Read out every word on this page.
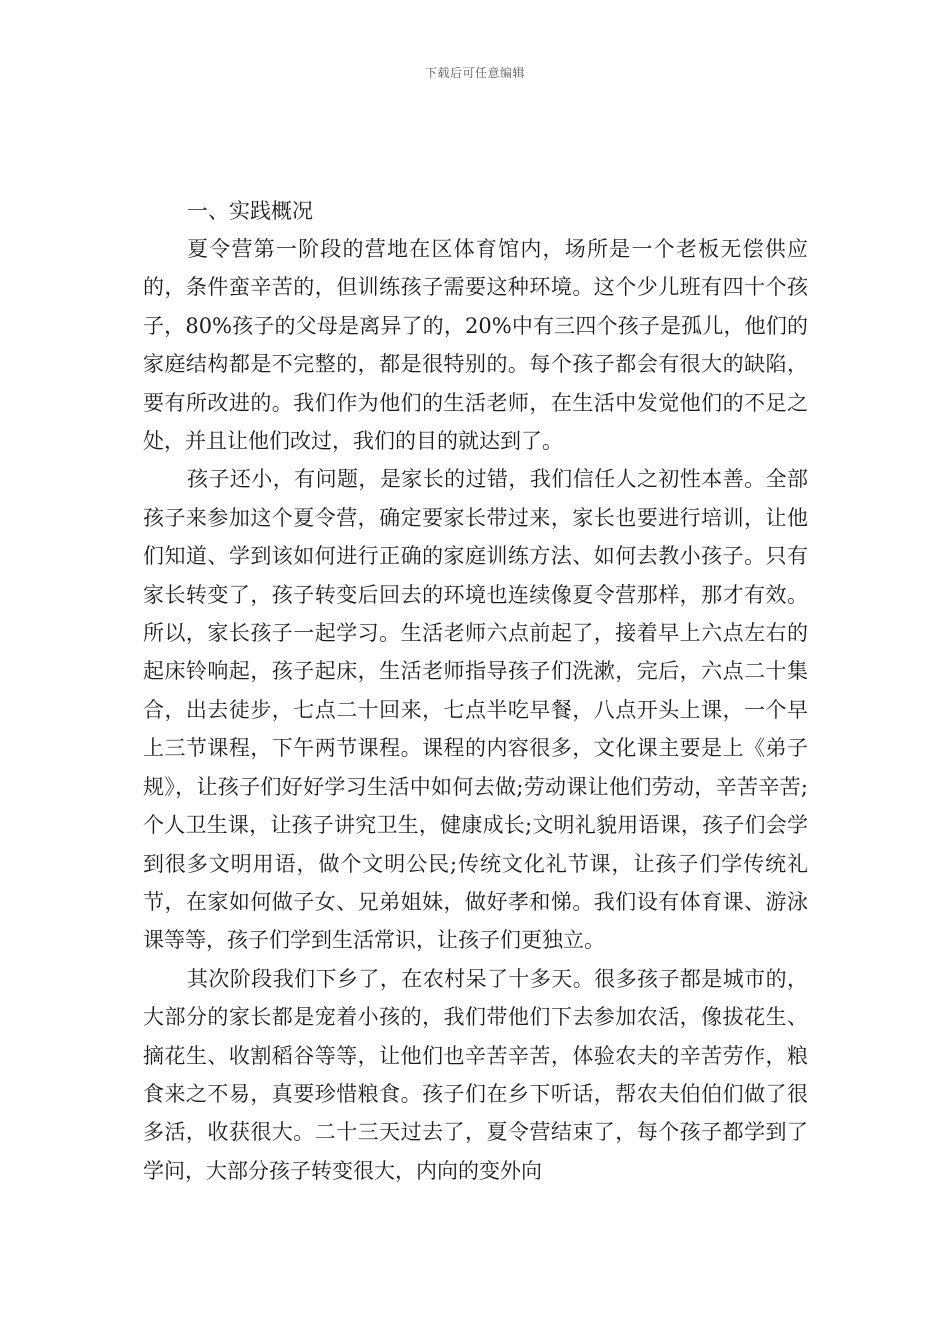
下载后可任意编辑

一、实践概况

夏令营第一阶段的营地在区体育馆内，场所是一个老板无偿供应的，条件蛮辛苦的，但训练孩子需要这种环境。这个少儿班有四十个孩子，80%孩子的父母是离异了的，20%中有三四个孩子是孤儿，他们的家庭结构都是不完整的，都是很特别的。每个孩子都会有很大的缺陷，要有所改进的。我们作为他们的生活老师，在生活中发觉他们的不足之处，并且让他们改过，我们的目的就达到了。

孩子还小，有问题，是家长的过错，我们信任人之初性本善。全部孩子来参加这个夏令营，确定要家长带过来，家长也要进行培训，让他们知道、学到该如何进行正确的家庭训练方法、如何去教小孩子。只有家长转变了，孩子转变后回去的环境也连续像夏令营那样，那才有效。所以，家长孩子一起学习。生活老师六点前起了，接着早上六点左右的起床铃响起，孩子起床，生活老师指导孩子们洗漱，完后，六点二十集合，出去徒步，七点二十回来，七点半吃早餐，八点开头上课，一个早上三节课程，下午两节课程。课程的内容很多，文化课主要是上《弟子规》，让孩子们好好学习生活中如何去做;劳动课让他们劳动，辛苦辛苦;个人卫生课，让孩子讲究卫生，健康成长;文明礼貌用语课，孩子们会学到很多文明用语，做个文明公民;传统文化礼节课，让孩子们学传统礼节，在家如何做子女、兄弟姐妹，做好孝和悌。我们设有体育课、游泳课等等，孩子们学到生活常识，让孩子们更独立。

其次阶段我们下乡了，在农村呆了十多天。很多孩子都是城市的，大部分的家长都是宠着小孩的，我们带他们下去参加农活，像拔花生、摘花生、收割稻谷等等，让他们也辛苦辛苦，体验农夫的辛苦劳作，粮食来之不易，真要珍惜粮食。孩子们在乡下听话，帮农夫伯伯们做了很多活，收获很大。二十三天过去了，夏令营结束了，每个孩子都学到了学问，大部分孩子转变很大，内向的变外向
